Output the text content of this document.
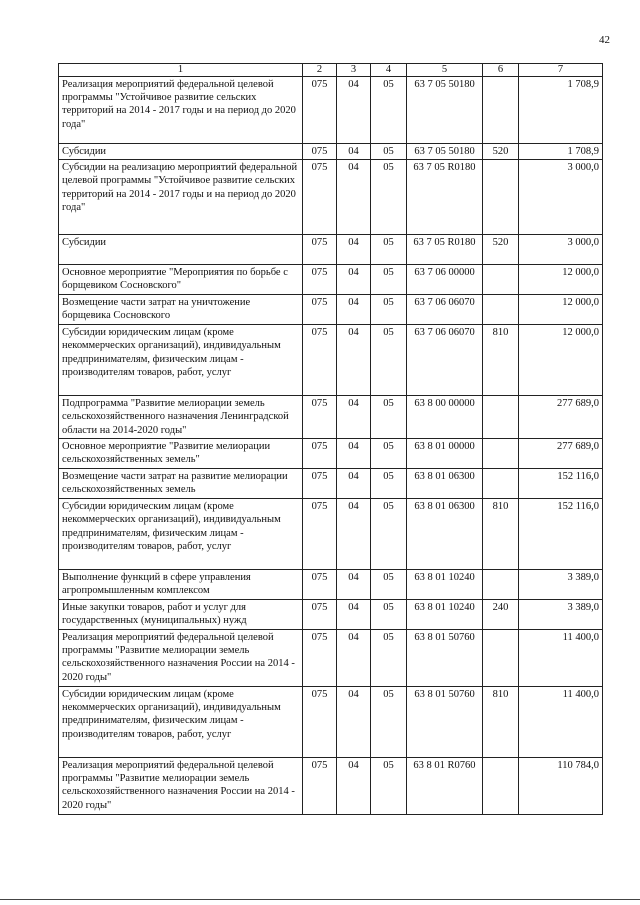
42
1	2	3	4	5	6	7
Реализация мероприятий федеральной целевой программы "Устойчивое развитие сельских территорий на 2014 - 2017 годы и на период до 2020 года"	075	04	05	63 7 05 50180		1 708,9
Субсидии	075	04	05	63 7 05 50180	520	1 708,9
Субсидии на реализацию мероприятий федеральной целевой программы "Устойчивое развитие сельских территорий на 2014 - 2017 годы и на период до 2020 года"	075	04	05	63 7 05 R0180		3 000,0
Субсидии	075	04	05	63 7 05 R0180	520	3 000,0
Основное мероприятие "Мероприятия по борьбе с борщевиком Сосновского"	075	04	05	63 7 06 00000		12 000,0
Возмещение части затрат на уничтожение борщевика Сосновского	075	04	05	63 7 06 06070		12 000,0
Субсидии юридическим лицам (кроме некоммерческих организаций), индивидуальным предпринимателям, физическим лицам - производителям товаров, работ, услуг	075	04	05	63 7 06 06070	810	12 000,0
Подпрограмма "Развитие мелиорации земель сельскохозяйственного назначения Ленинградской области на 2014-2020 годы"	075	04	05	63 8 00 00000		277 689,0
Основное мероприятие "Развитие мелиорации сельскохозяйственных земель"	075	04	05	63 8 01 00000		277 689,0
Возмещение части затрат на развитие мелиорации сельскохозяйственных земель	075	04	05	63 8 01 06300		152 116,0
Субсидии юридическим лицам (кроме некоммерческих организаций), индивидуальным предпринимателям, физическим лицам - производителям товаров, работ, услуг	075	04	05	63 8 01 06300	810	152 116,0
Выполнение функций в сфере управления агропромышленным комплексом	075	04	05	63 8 01 10240		3 389,0
Иные закупки товаров, работ и услуг для государственных (муниципальных) нужд	075	04	05	63 8 01 10240	240	3 389,0
Реализация мероприятий федеральной целевой программы "Развитие мелиорации земель сельскохозяйственного назначения России на 2014 - 2020 годы"	075	04	05	63 8 01 50760		11 400,0
Субсидии юридическим лицам (кроме некоммерческих организаций), индивидуальным предпринимателям, физическим лицам - производителям товаров, работ, услуг	075	04	05	63 8 01 50760	810	11 400,0
Реализация мероприятий федеральной целевой программы "Развитие мелиорации земель сельскохозяйственного назначения России на 2014 - 2020 годы"	075	04	05	63 8 01 R0760		110 784,0
